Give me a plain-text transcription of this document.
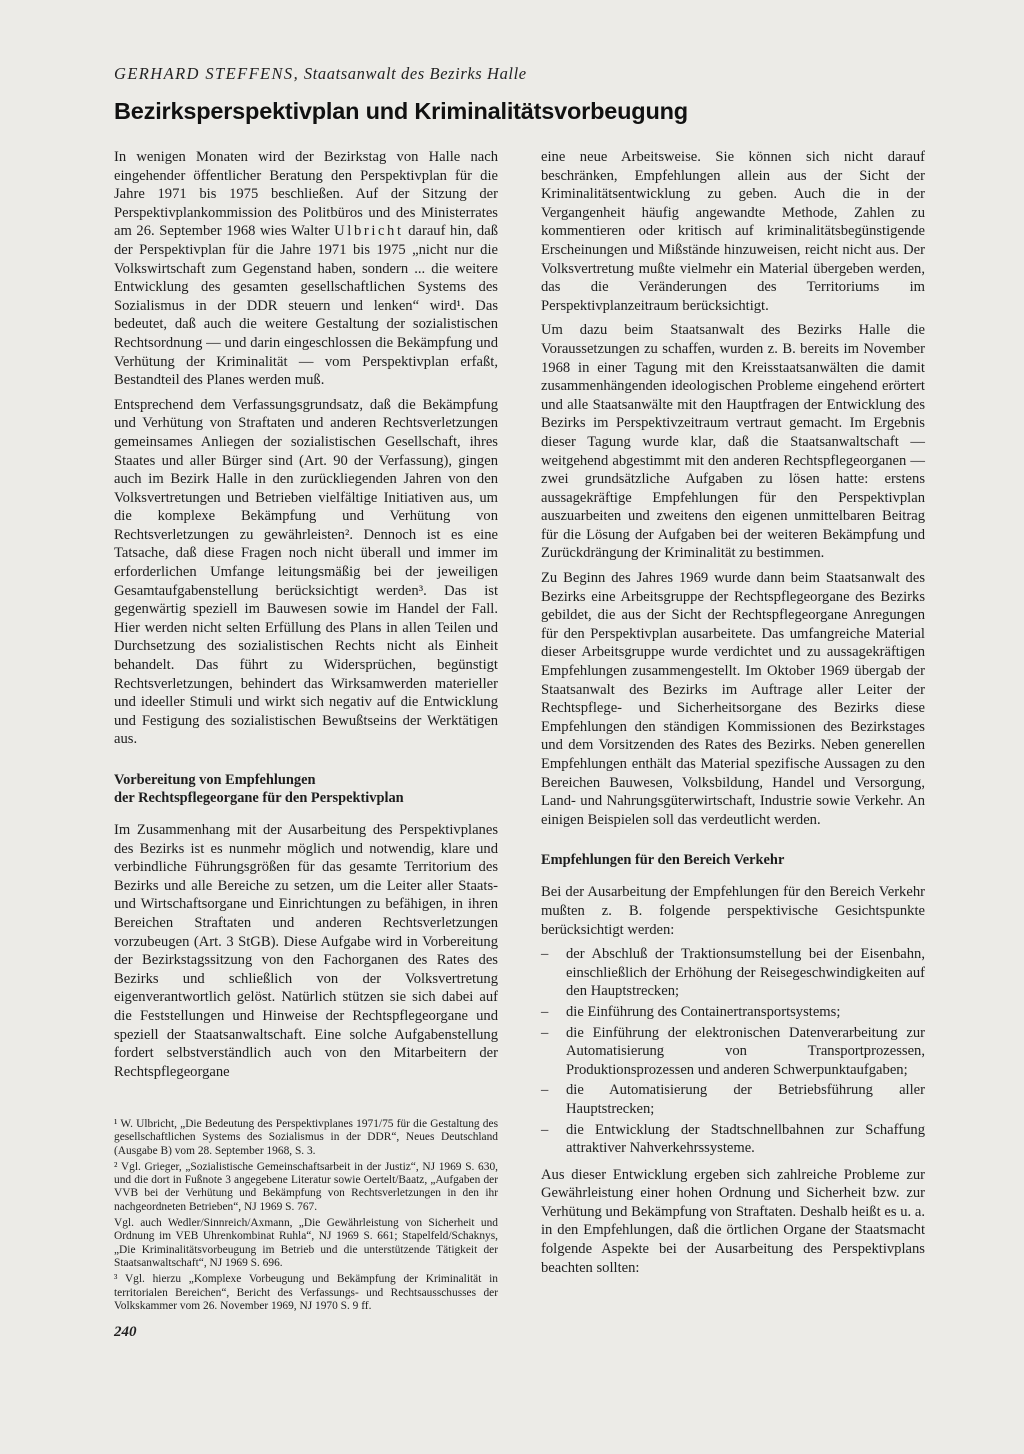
GERHARD STEFFENS, Staatsanwalt des Bezirks Halle
Bezirksperspektivplan und Kriminalitätsvorbeugung

In wenigen Monaten wird der Bezirkstag von Halle nach eingehender öffentlicher Beratung den Perspektivplan für die Jahre 1971 bis 1975 beschließen. Auf der Sitzung der Perspektivplankommission des Politbüros und des Ministerrates am 26. September 1968 wies Walter Ulbricht darauf hin, daß der Perspektivplan für die Jahre 1971 bis 1975 „nicht nur die Volkswirtschaft zum Gegenstand haben, sondern ... die weitere Entwicklung des gesamten gesellschaftlichen Systems des Sozialismus in der DDR steuern und lenken“ wird¹. Das bedeutet, daß auch die weitere Gestaltung der sozialistischen Rechtsordnung — und darin eingeschlossen die Bekämpfung und Verhütung der Kriminalität — vom Perspektivplan erfaßt, Bestandteil des Planes werden muß.

Entsprechend dem Verfassungsgrundsatz, daß die Bekämpfung und Verhütung von Straftaten und anderen Rechtsverletzungen gemeinsames Anliegen der sozialistischen Gesellschaft, ihres Staates und aller Bürger sind (Art. 90 der Verfassung), gingen auch im Bezirk Halle in den zurückliegenden Jahren von den Volksvertretungen und Betrieben vielfältige Initiativen aus, um die komplexe Bekämpfung und Verhütung von Rechtsverletzungen zu gewährleisten². Dennoch ist es eine Tatsache, daß diese Fragen noch nicht überall und immer im erforderlichen Umfange leitungsmäßig bei der jeweiligen Gesamtaufgabenstellung berücksichtigt werden³. Das ist gegenwärtig speziell im Bauwesen sowie im Handel der Fall. Hier werden nicht selten Erfüllung des Plans in allen Teilen und Durchsetzung des sozialistischen Rechts nicht als Einheit behandelt. Das führt zu Widersprüchen, begünstigt Rechtsverletzungen, behindert das Wirksamwerden materieller und ideeller Stimuli und wirkt sich negativ auf die Entwicklung und Festigung des sozialistischen Bewußtseins der Werktätigen aus.

Vorbereitung von Empfehlungen
der Rechtspflegeorgane für den Perspektivplan

Im Zusammenhang mit der Ausarbeitung des Perspektivplanes des Bezirks ist es nunmehr möglich und notwendig, klare und verbindliche Führungsgrößen für das gesamte Territorium des Bezirks und alle Bereiche zu setzen, um die Leiter aller Staats- und Wirtschaftsorgane und Einrichtungen zu befähigen, in ihren Bereichen Straftaten und anderen Rechtsverletzungen vorzubeugen (Art. 3 StGB). Diese Aufgabe wird in Vorbereitung der Bezirkstagssitzung von den Fachorganen des Rates des Bezirks und schließlich von der Volksvertretung eigenverantwortlich gelöst. Natürlich stützen sie sich dabei auf die Feststellungen und Hinweise der Rechtspflegeorgane und speziell der Staatsanwaltschaft. Eine solche Aufgabenstellung fordert selbstverständlich auch von den Mitarbeitern der Rechtspflegeorgane

¹ W. Ulbricht, „Die Bedeutung des Perspektivplanes 1971/75 für die Gestaltung des gesellschaftlichen Systems des Sozialismus in der DDR“, Neues Deutschland (Ausgabe B) vom 28. September 1968, S. 3.

² Vgl. Grieger, „Sozialistische Gemeinschaftsarbeit in der Justiz“, NJ 1969 S. 630, und die dort in Fußnote 3 angegebene Literatur sowie Oertelt/Baatz, „Aufgaben der VVB bei der Verhütung und Bekämpfung von Rechtsverletzungen in den ihr nachgeordneten Betrieben“, NJ 1969 S. 767.

Vgl. auch Wedler/Sinnreich/Axmann, „Die Gewährleistung von Sicherheit und Ordnung im VEB Uhrenkombinat Ruhla“, NJ 1969 S. 661; Stapelfeld/Schaknys, „Die Kriminalitätsvorbeugung im Betrieb und die unterstützende Tätigkeit der Staatsanwaltschaft“, NJ 1969 S. 696.

³ Vgl. hierzu „Komplexe Vorbeugung und Bekämpfung der Kriminalität in territorialen Bereichen“, Bericht des Verfassungs- und Rechtsausschusses der Volkskammer vom 26. November 1969, NJ 1970 S. 9 ff.

240

eine neue Arbeitsweise. Sie können sich nicht darauf beschränken, Empfehlungen allein aus der Sicht der Kriminalitätsentwicklung zu geben. Auch die in der Vergangenheit häufig angewandte Methode, Zahlen zu kommentieren oder kritisch auf kriminalitätsbegünstigende Erscheinungen und Mißstände hinzuweisen, reicht nicht aus. Der Volksvertretung mußte vielmehr ein Material übergeben werden, das die Veränderungen des Territoriums im Perspektivplanzeitraum berücksichtigt.

Um dazu beim Staatsanwalt des Bezirks Halle die Voraussetzungen zu schaffen, wurden z. B. bereits im November 1968 in einer Tagung mit den Kreisstaatsanwälten die damit zusammenhängenden ideologischen Probleme eingehend erörtert und alle Staatsanwälte mit den Hauptfragen der Entwicklung des Bezirks im Perspektivzeitraum vertraut gemacht. Im Ergebnis dieser Tagung wurde klar, daß die Staatsanwaltschaft — weitgehend abgestimmt mit den anderen Rechtspflegeorganen — zwei grundsätzliche Aufgaben zu lösen hatte: erstens aussagekräftige Empfehlungen für den Perspektivplan auszuarbeiten und zweitens den eigenen unmittelbaren Beitrag für die Lösung der Aufgaben bei der weiteren Bekämpfung und Zurückdrängung der Kriminalität zu bestimmen.

Zu Beginn des Jahres 1969 wurde dann beim Staatsanwalt des Bezirks eine Arbeitsgruppe der Rechtspflegeorgane des Bezirks gebildet, die aus der Sicht der Rechtspflegeorgane Anregungen für den Perspektivplan ausarbeitete. Das umfangreiche Material dieser Arbeitsgruppe wurde verdichtet und zu aussagekräftigen Empfehlungen zusammengestellt. Im Oktober 1969 übergab der Staatsanwalt des Bezirks im Auftrage aller Leiter der Rechtspflege- und Sicherheitsorgane des Bezirks diese Empfehlungen den ständigen Kommissionen des Bezirkstages und dem Vorsitzenden des Rates des Bezirks. Neben generellen Empfehlungen enthält das Material spezifische Aussagen zu den Bereichen Bauwesen, Volksbildung, Handel und Versorgung, Land- und Nahrungsgüterwirtschaft, Industrie sowie Verkehr. An einigen Beispielen soll das verdeutlicht werden.

Empfehlungen für den Bereich Verkehr

Bei der Ausarbeitung der Empfehlungen für den Bereich Verkehr mußten z. B. folgende perspektivische Gesichtspunkte berücksichtigt werden:

– der Abschluß der Traktionsumstellung bei der Eisenbahn, einschließlich der Erhöhung der Reisegeschwindigkeiten auf den Hauptstrecken;
– die Einführung des Containertransportsystems;
– die Einführung der elektronischen Datenverarbeitung zur Automatisierung von Transportprozessen, Produktionsprozessen und anderen Schwerpunktaufgaben;
– die Automatisierung der Betriebsführung aller Hauptstrecken;
– die Entwicklung der Stadtschnellbahnen zur Schaffung attraktiver Nahverkehrssysteme.

Aus dieser Entwicklung ergeben sich zahlreiche Probleme zur Gewährleistung einer hohen Ordnung und Sicherheit bzw. zur Verhütung und Bekämpfung von Straftaten. Deshalb heißt es u. a. in den Empfehlungen, daß die örtlichen Organe der Staatsmacht folgende Aspekte bei der Ausarbeitung des Perspektivplans beachten sollten:
